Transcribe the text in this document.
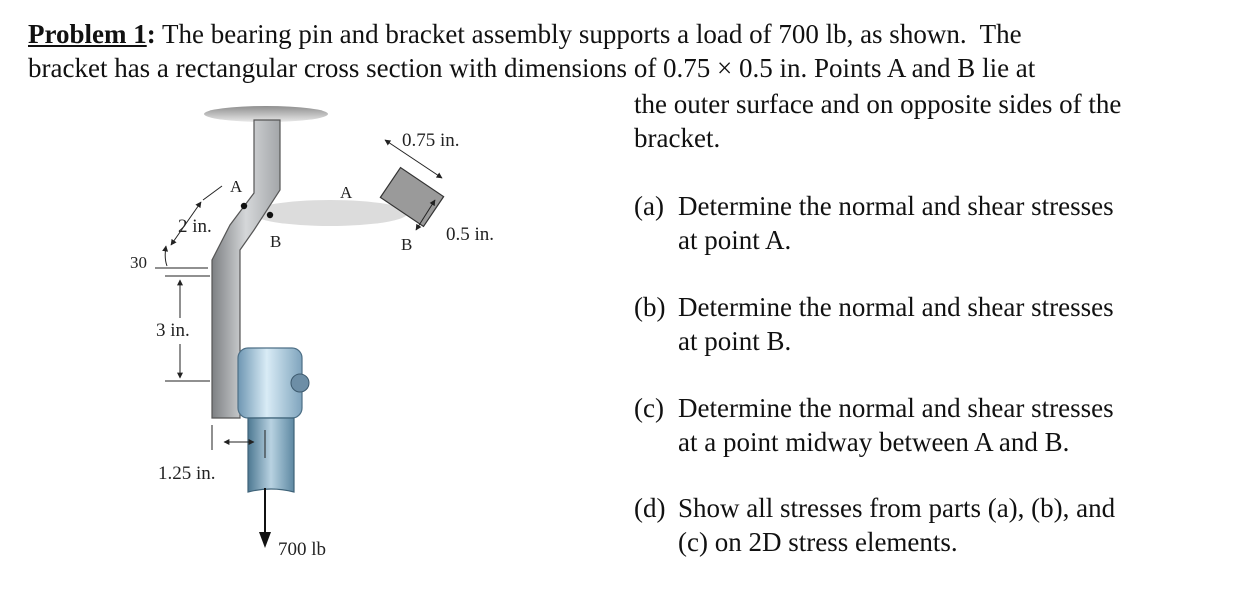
Problem 1: The bearing pin and bracket assembly supports a load of 700 lb, as shown.  The
bracket has a rectangular cross section with dimensions of 0.75 × 0.5 in. Points A and B lie at
the outer surface and on opposite sides of the
bracket.
(a) Determine the normal and shear stresses
at point A.
(b) Determine the normal and shear stresses
at point B.
(c) Determine the normal and shear stresses
at a point midway between A and B.
(d) Show all stresses from parts (a), (b), and
(c) on 2D stress elements.
700 lb
A
B
A
B
0.75 in.
0.5 in.
2 in.
30
3 in.
1.25 in.
